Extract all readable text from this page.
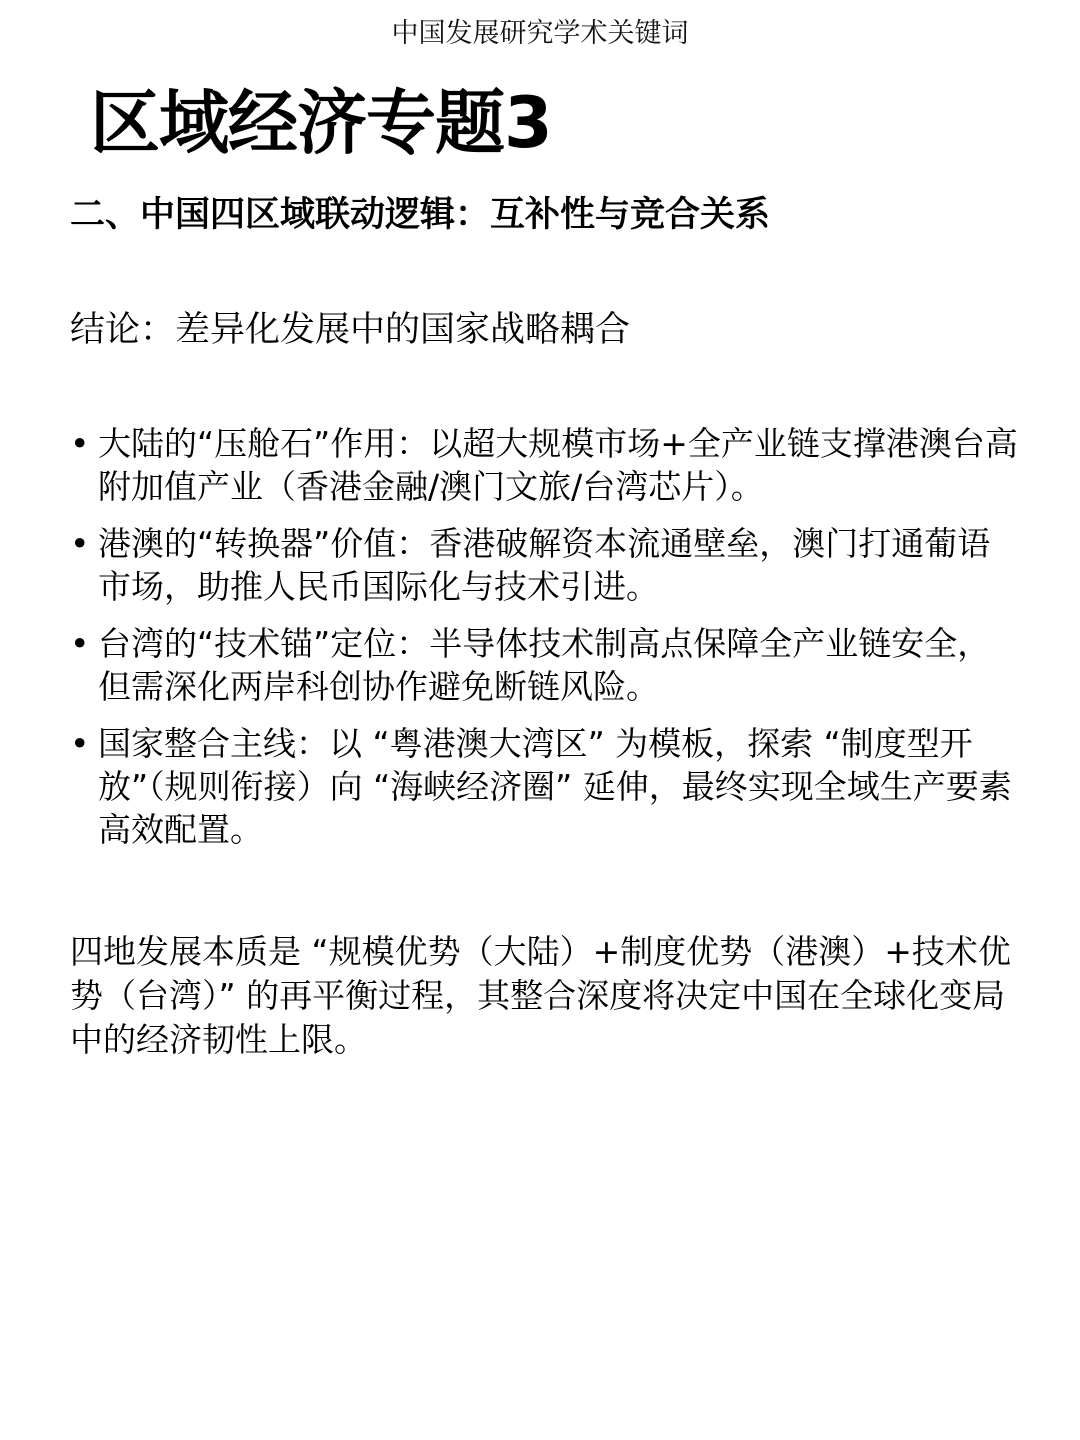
中国发展研究学术关键词
区域经济专题3
二、中国四区域联动逻辑：互补性与竞合关系
结论：差异化发展中的国家战略耦合
• 大陆的“压舱石”作用：以超大规模市场+全产业链支撑港澳台高附加值产业（香港金融/澳门文旅/台湾芯片）。
• 港澳的“转换器”价值：香港破解资本流通壁垒，澳门打通葡语市场，助推人民币国际化与技术引进。
• 台湾的“技术锚”定位：半导体技术制高点保障全产业链安全，但需深化两岸科创协作避免断链风险。
• 国家整合主线：以 “粤港澳大湾区” 为模板，探索 “制度型开放”（规则衔接）向 “海峡经济圈” 延伸，最终实现全域生产要素高效配置。
四地发展本质是 “规模优势（大陆）+制度优势（港澳）+技术优势（台湾）” 的再平衡过程，其整合深度将决定中国在全球化变局中的经济韧性上限。
